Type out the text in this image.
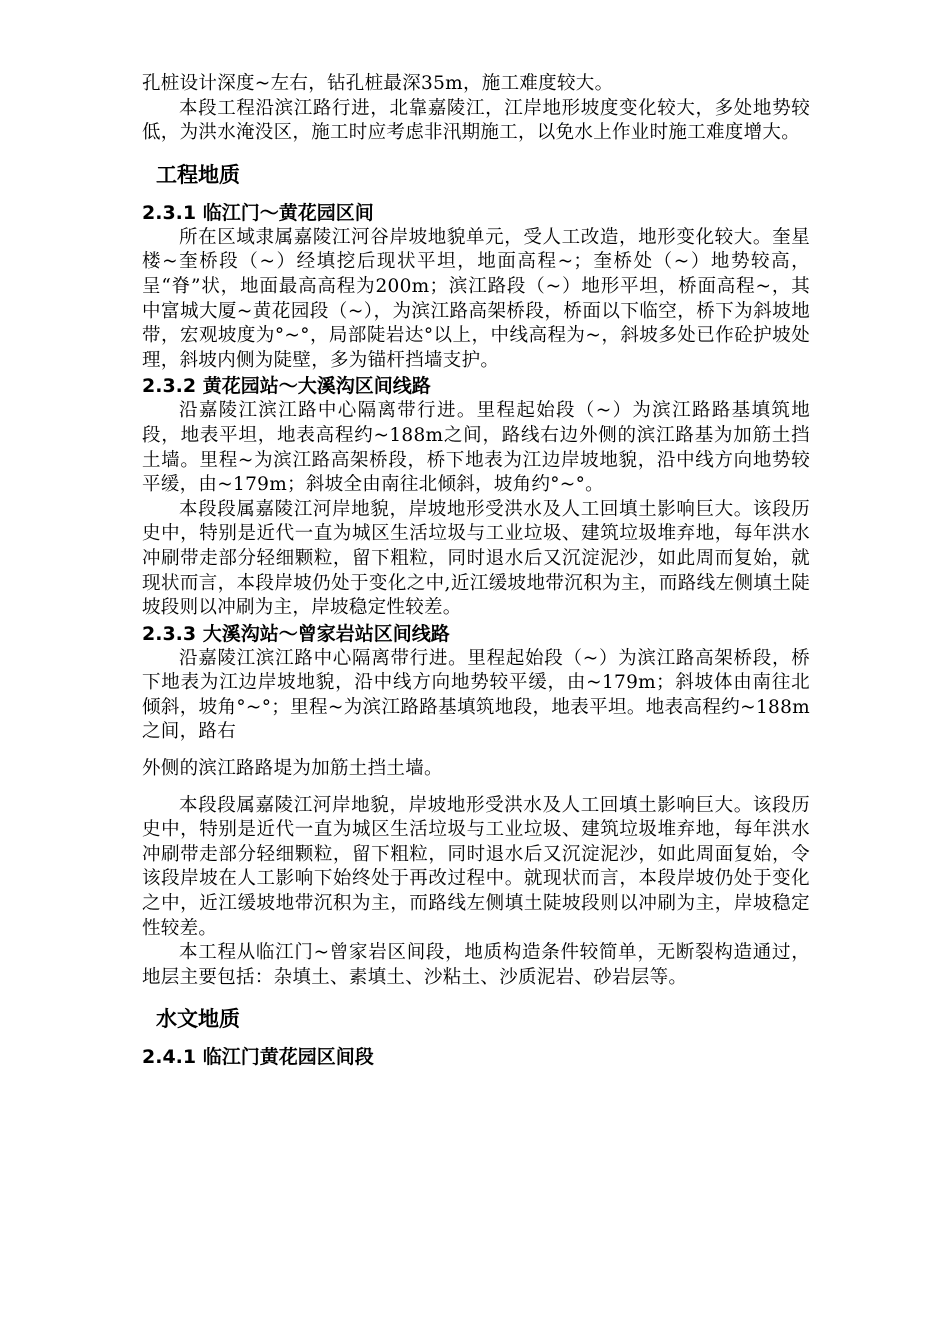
孔桩设计深度~左右，钻孔桩最深35m，施工难度较大。

本段工程沿滨江路行进，北靠嘉陵江，江岸地形坡度变化较大，多处地势较低，为洪水淹没区，施工时应考虑非汛期施工，以免水上作业时施工难度增大。

工程地质
2.3.1 临江门～黄花园区间

所在区域隶属嘉陵江河谷岸坡地貌单元，受人工改造，地形变化较大。奎星楼~奎桥段（~）经填挖后现状平坦，地面高程~；奎桥处（~）地势较高，呈“脊”状，地面最高高程为200m；滨江路段（~）地形平坦，桥面高程~，其中富城大厦~黄花园段（~），为滨江路高架桥段，桥面以下临空，桥下为斜坡地带，宏观坡度为°~°，局部陡岩达°以上，中线高程为~，斜坡多处已作砼护坡处理，斜坡内侧为陡壁，多为锚杆挡墙支护。

2.3.2 黄花园站～大溪沟区间线路

沿嘉陵江滨江路中心隔离带行进。里程起始段（~）为滨江路路基填筑地段，地表平坦，地表高程约~188m之间，路线右边外侧的滨江路基为加筋土挡土墙。里程~为滨江路高架桥段，桥下地表为江边岸坡地貌，沿中线方向地势较平缓，由~179m；斜坡全由南往北倾斜，坡角约°~°。

本段段属嘉陵江河岸地貌，岸坡地形受洪水及人工回填土影响巨大。该段历史中，特别是近代一直为城区生活垃圾与工业垃圾、建筑垃圾堆弃地，每年洪水冲刷带走部分轻细颗粒，留下粗粒，同时退水后又沉淀泥沙，如此周而复始，就现状而言，本段岸坡仍处于变化之中,近江缓坡地带沉积为主，而路线左侧填土陡坡段则以冲刷为主，岸坡稳定性较差。

2.3.3 大溪沟站～曾家岩站区间线路

沿嘉陵江滨江路中心隔离带行进。里程起始段（~）为滨江路高架桥段，桥下地表为江边岸坡地貌，沿中线方向地势较平缓，由~179m；斜坡体由南往北倾斜，坡角°~°；里程~为滨江路路基填筑地段，地表平坦。地表高程约~188m之间，路右

外侧的滨江路路堤为加筋土挡土墙。

本段段属嘉陵江河岸地貌，岸坡地形受洪水及人工回填土影响巨大。该段历史中，特别是近代一直为城区生活垃圾与工业垃圾、建筑垃圾堆弃地，每年洪水冲刷带走部分轻细颗粒，留下粗粒，同时退水后又沉淀泥沙，如此周面复始，令该段岸坡在人工影响下始终处于再改过程中。就现状而言，本段岸坡仍处于变化之中，近江缓坡地带沉积为主，而路线左侧填土陡坡段则以冲刷为主，岸坡稳定性较差。

本工程从临江门~曾家岩区间段，地质构造条件较简单，无断裂构造通过，地层主要包括：杂填土、素填土、沙粘土、沙质泥岩、砂岩层等。

水文地质
2.4.1 临江门黄花园区间段
